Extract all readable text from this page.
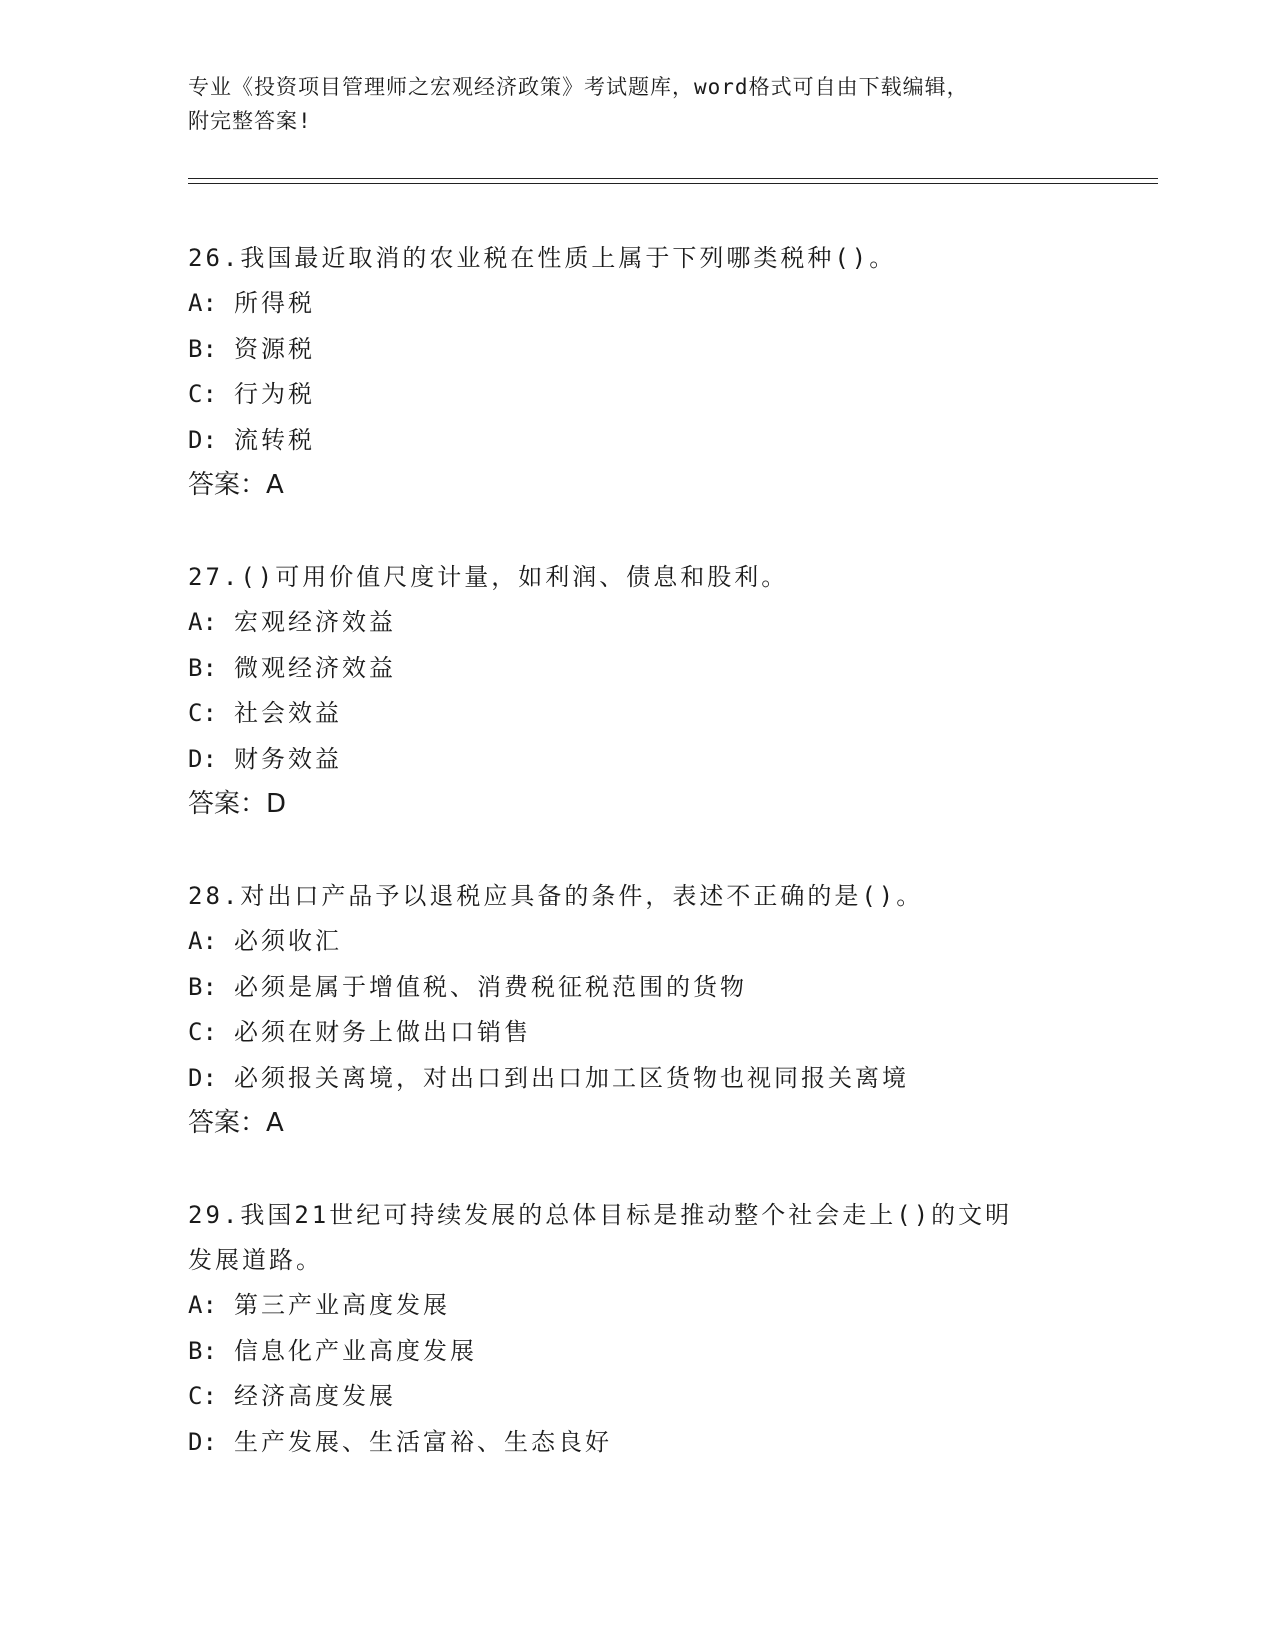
专业《投资项目管理师之宏观经济政策》考试题库，word格式可自由下载编辑，
附完整答案!
26.我国最近取消的农业税在性质上属于下列哪类税种()。
A: 所得税
B: 资源税
C: 行为税
D: 流转税
答案：A
27.()可用价值尺度计量，如利润、债息和股利。
A: 宏观经济效益
B: 微观经济效益
C: 社会效益
D: 财务效益
答案：D
28.对出口产品予以退税应具备的条件，表述不正确的是()。
A: 必须收汇
B: 必须是属于增值税、消费税征税范围的货物
C: 必须在财务上做出口销售
D: 必须报关离境，对出口到出口加工区货物也视同报关离境
答案：A
29.我国21世纪可持续发展的总体目标是推动整个社会走上()的文明
发展道路。
A: 第三产业高度发展
B: 信息化产业高度发展
C: 经济高度发展
D: 生产发展、生活富裕、生态良好
